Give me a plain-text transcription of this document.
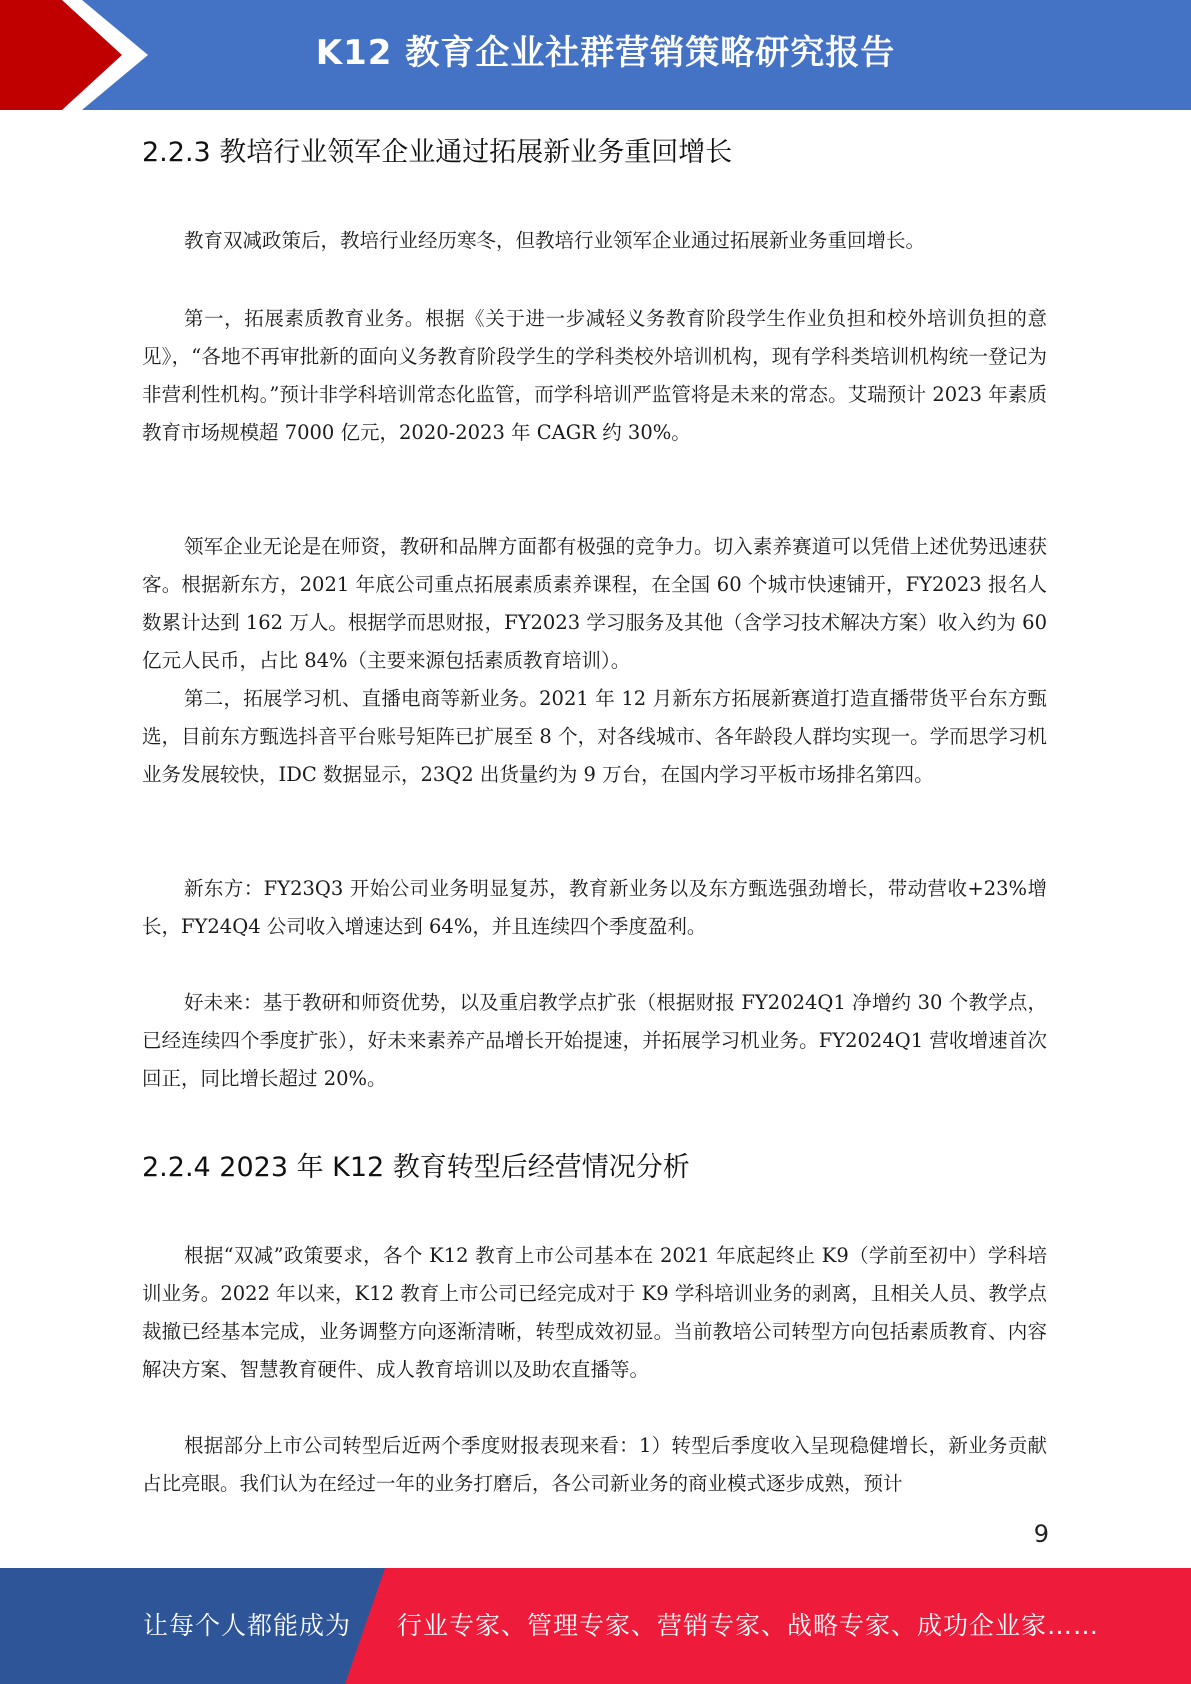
K12 教育企业社群营销策略研究报告
2.2.3 教培行业领军企业通过拓展新业务重回增长

教育双减政策后，教培行业经历寒冬，但教培行业领军企业通过拓展新业务重回增长。

第一，拓展素质教育业务。根据《关于进一步减轻义务教育阶段学生作业负担和校外培训负担的意见》，“各地不再审批新的面向义务教育阶段学生的学科类校外培训机构，现有学科类培训机构统一登记为非营利性机构。”预计非学科培训常态化监管，而学科培训严监管将是未来的常态。艾瑞预计 2023 年素质教育市场规模超 7000 亿元，2020-2023 年 CAGR 约 30%。

领军企业无论是在师资，教研和品牌方面都有极强的竞争力。切入素养赛道可以凭借上述优势迅速获客。根据新东方，2021 年底公司重点拓展素质素养课程，在全国 60 个城市快速铺开，FY2023 报名人数累计达到 162 万人。根据学而思财报，FY2023 学习服务及其他（含学习技术解决方案）收入约为 60 亿元人民币，占比 84%（主要来源包括素质教育培训）。

第二，拓展学习机、直播电商等新业务。2021 年 12 月新东方拓展新赛道打造直播带货平台东方甄选，目前东方甄选抖音平台账号矩阵已扩展至 8 个，对各线城市、各年龄段人群均实现一。学而思学习机业务发展较快，IDC 数据显示，23Q2 出货量约为 9 万台，在国内学习平板市场排名第四。

新东方：FY23Q3 开始公司业务明显复苏，教育新业务以及东方甄选强劲增长，带动营收+23%增长，FY24Q4 公司收入增速达到 64%，并且连续四个季度盈利。

好未来：基于教研和师资优势，以及重启教学点扩张（根据财报 FY2024Q1 净增约 30 个教学点，已经连续四个季度扩张），好未来素养产品增长开始提速，并拓展学习机业务。FY2024Q1 营收增速首次回正，同比增长超过 20%。

2.2.4 2023 年 K12 教育转型后经营情况分析

根据“双减”政策要求，各个 K12 教育上市公司基本在 2021 年底起终止 K9（学前至初中）学科培训业务。2022 年以来，K12 教育上市公司已经完成对于 K9 学科培训业务的剥离，且相关人员、教学点裁撤已经基本完成，业务调整方向逐渐清晰，转型成效初显。当前教培公司转型方向包括素质教育、内容解决方案、智慧教育硬件、成人教育培训以及助农直播等。

根据部分上市公司转型后近两个季度财报表现来看：1）转型后季度收入呈现稳健增长，新业务贡献占比亮眼。我们认为在经过一年的业务打磨后，各公司新业务的商业模式逐步成熟，预计

9
让每个人都能成为 行业专家、管理专家、营销专家、战略专家、成功企业家……
